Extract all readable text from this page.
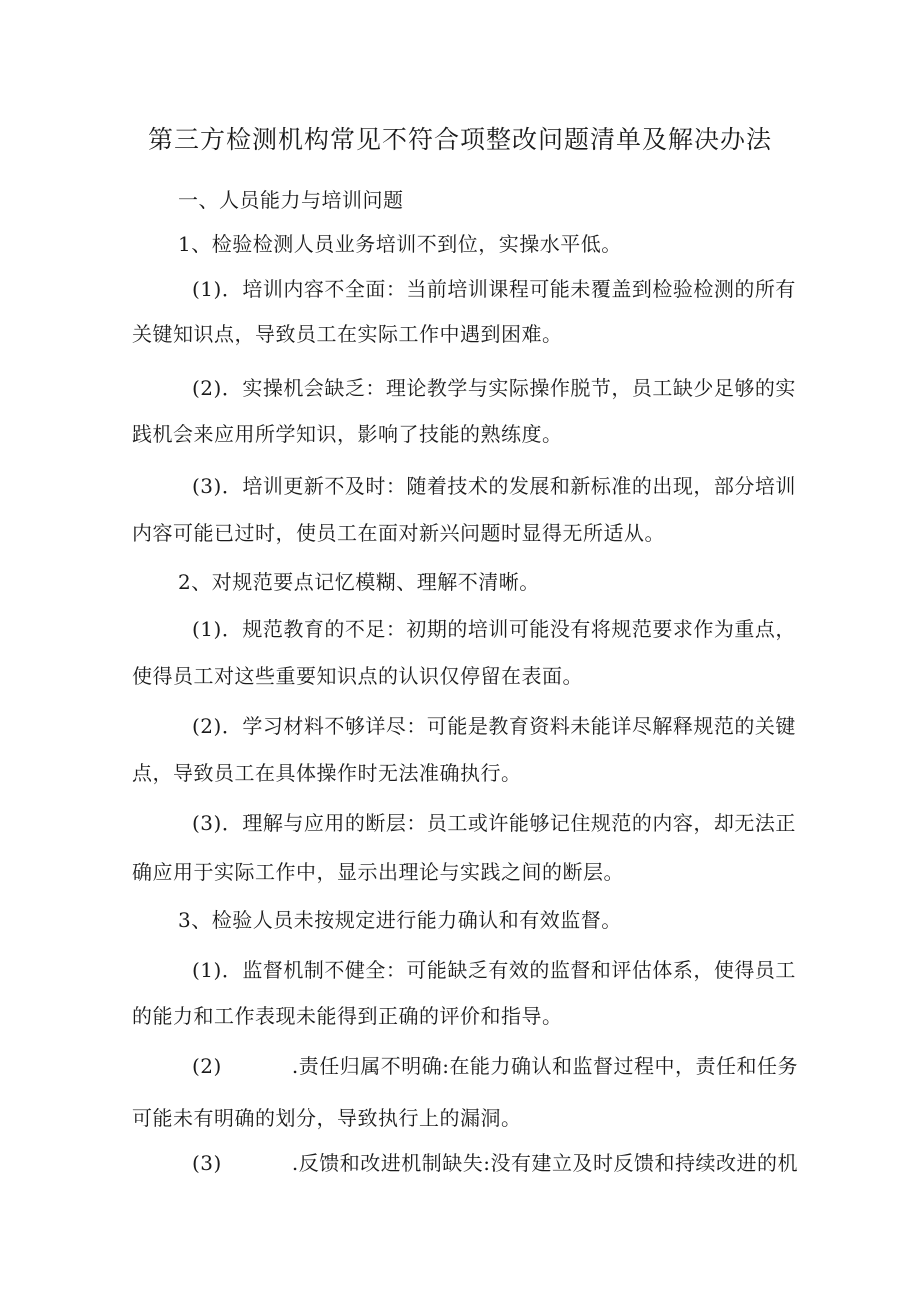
第三方检测机构常见不符合项整改问题清单及解决办法

一、人员能力与培训问题

1、检验检测人员业务培训不到位，实操水平低。

(1)．培训内容不全面：当前培训课程可能未覆盖到检验检测的所有

关键知识点，导致员工在实际工作中遇到困难。

(2)．实操机会缺乏：理论教学与实际操作脱节，员工缺少足够的实

践机会来应用所学知识，影响了技能的熟练度。

(3)．培训更新不及时：随着技术的发展和新标准的出现，部分培训

内容可能已过时，使员工在面对新兴问题时显得无所适从。

2、对规范要点记忆模糊、理解不清晰。

(1)．规范教育的不足：初期的培训可能没有将规范要求作为重点，

使得员工对这些重要知识点的认识仅停留在表面。

(2)．学习材料不够详尽：可能是教育资料未能详尽解释规范的关键

点，导致员工在具体操作时无法准确执行。

(3)．理解与应用的断层：员工或许能够记住规范的内容，却无法正

确应用于实际工作中，显示出理论与实践之间的断层。

3、检验人员未按规定进行能力确认和有效监督。

(1)．监督机制不健全：可能缺乏有效的监督和评估体系，使得员工

的能力和工作表现未能得到正确的评价和指导。

(2)	.责任归属不明确:在能力确认和监督过程中，责任和任务

可能未有明确的划分，导致执行上的漏洞。

(3)	.反馈和改进机制缺失:没有建立及时反馈和持续改进的机
